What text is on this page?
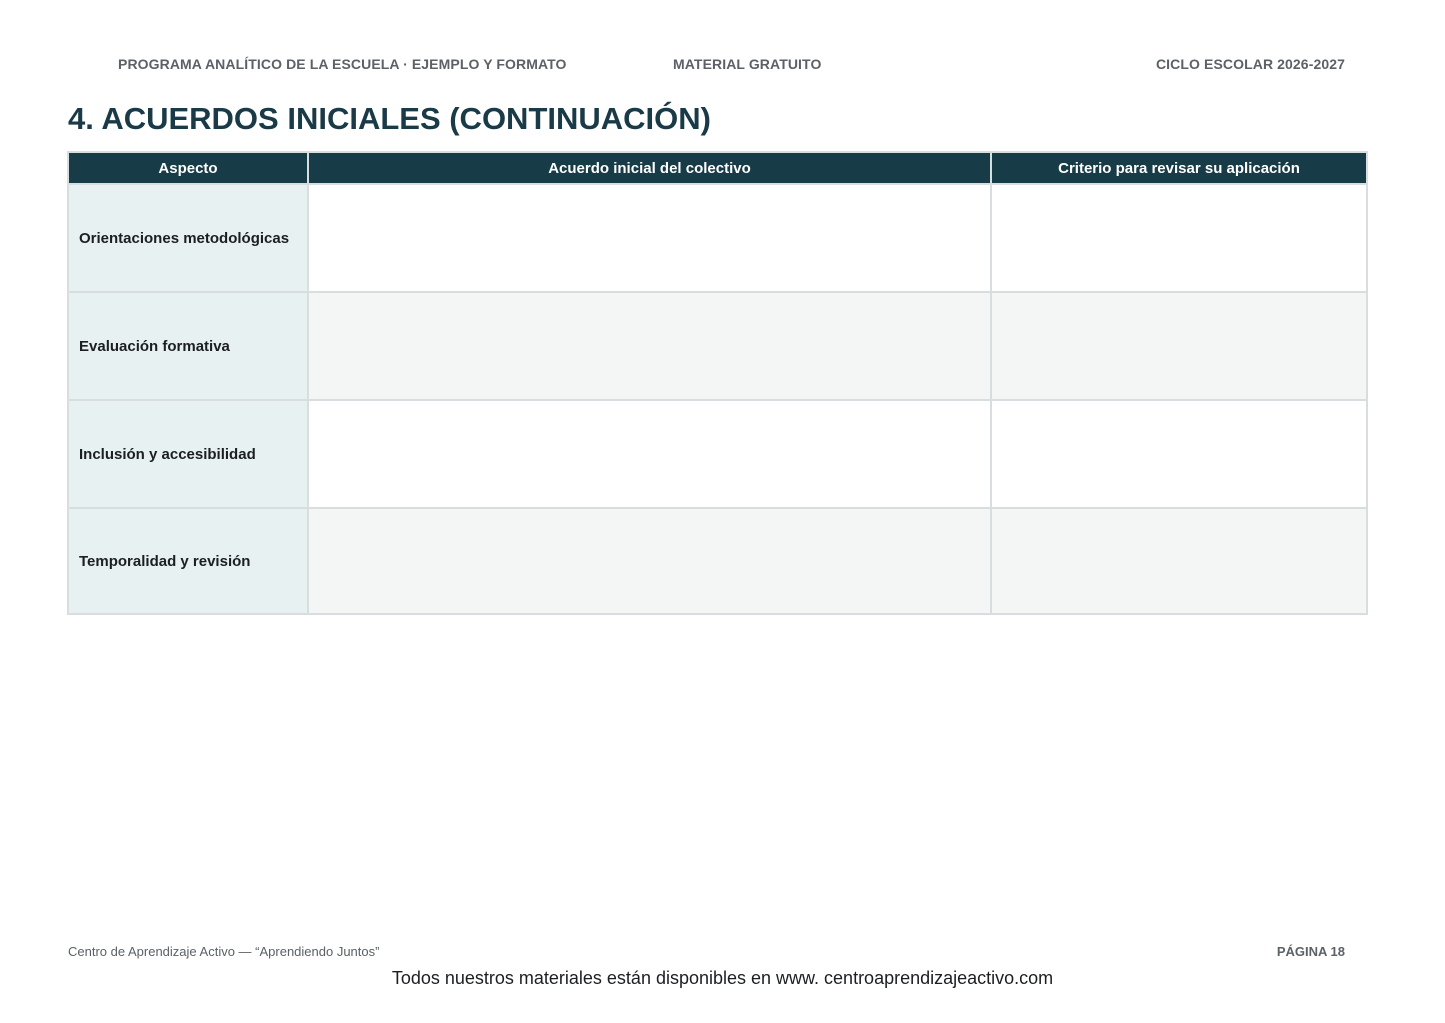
PROGRAMA ANALÍTICO DE LA ESCUELA · EJEMPLO Y FORMATO	MATERIAL GRATUITO	CICLO ESCOLAR 2026-2027
4. ACUERDOS INICIALES (CONTINUACIÓN)
Aspecto	Acuerdo inicial del colectivo	Criterio para revisar su aplicación
Orientaciones metodológicas		
Evaluación formativa		
Inclusión y accesibilidad		
Temporalidad y revisión		
Centro de Aprendizaje Activo — “Aprendiendo Juntos”	PÁGINA 18
Todos nuestros materiales están disponibles en www. centroaprendizajeactivo.com
